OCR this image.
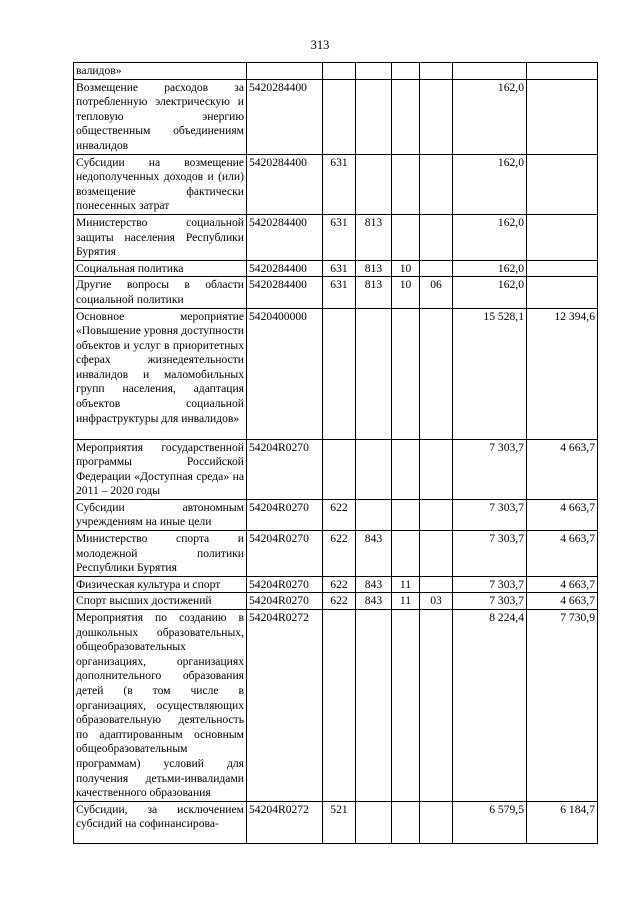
313
валидов»							
Возмещение расходов за потребленную электрическую и тепловую энергию общественным объединениям инвалидов	5420284400					162,0	
Субсидии на возмещение недополученных доходов и (или) возмещение фактически понесенных затрат	5420284400	631				162,0	
Министерство социальной защиты населения Республики Бурятия	5420284400	631	813			162,0	
Социальная политика	5420284400	631	813	10		162,0	
Другие вопросы в области социальной политики	5420284400	631	813	10	06	162,0	
Основное мероприятие «Повышение уровня доступности объектов и услуг в приоритетных сферах жизнедеятельности инвалидов и маломобильных групп населения, адаптация объектов социальной инфраструктуры для инвалидов»	5420400000					15 528,1	12 394,6
Мероприятия государственной программы Российской Федерации «Доступная среда» на 2011 – 2020 годы	54204R0270					7 303,7	4 663,7
Субсидии автономным учреждениям на иные цели	54204R0270	622				7 303,7	4 663,7
Министерство спорта и молодежной политики Республики Бурятия	54204R0270	622	843			7 303,7	4 663,7
Физическая культура и спорт	54204R0270	622	843	11		7 303,7	4 663,7
Спорт высших достижений	54204R0270	622	843	11	03	7 303,7	4 663,7
Мероприятия по созданию в дошкольных образовательных, общеобразовательных организациях, организациях дополнительного образования детей (в том числе в организациях, осуществляющих образовательную деятельность по адаптированным основным общеобразовательным программам) условий для получения детьми-инвалидами качественного образования	54204R0272					8 224,4	7 730,9
Субсидии, за исключением субсидий на софинансирова-	54204R0272	521				6 579,5	6 184,7
